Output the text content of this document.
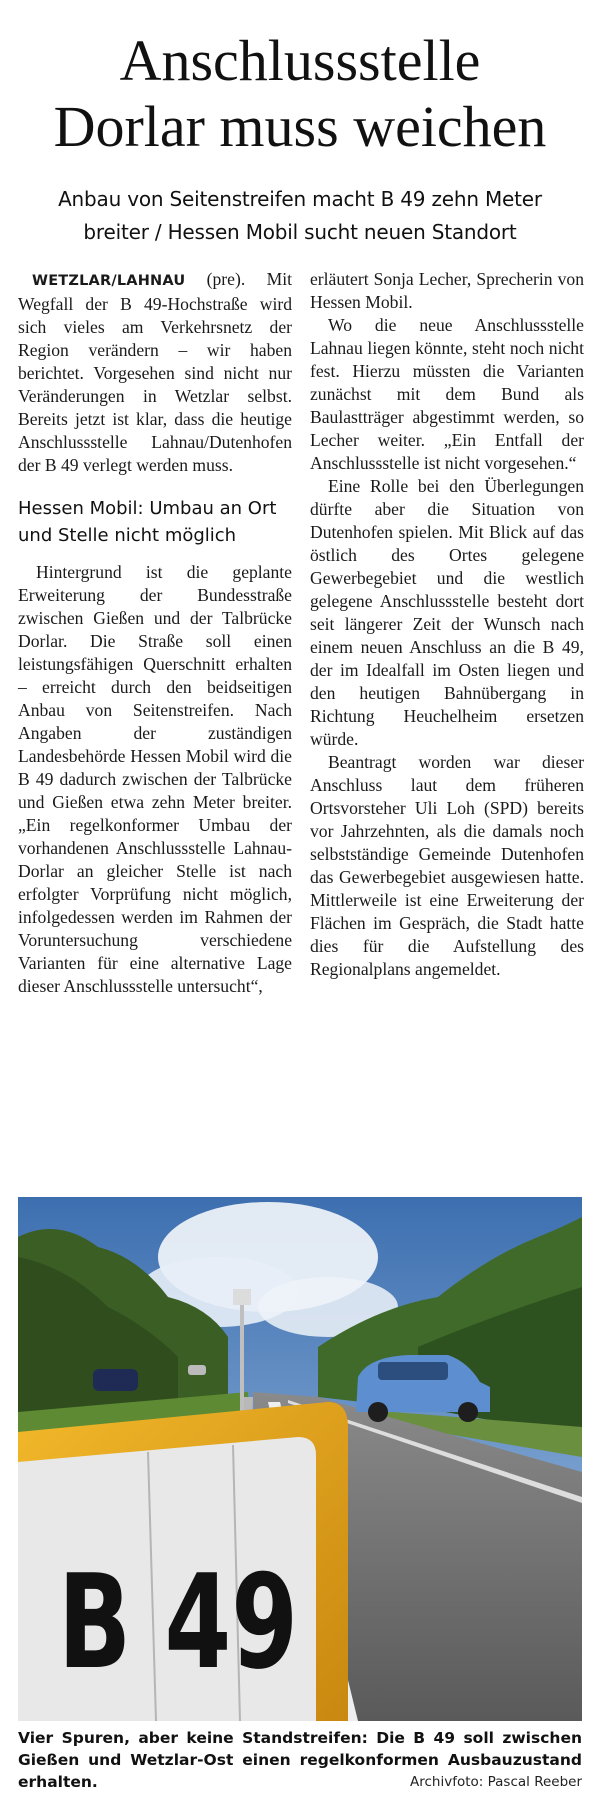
Anschlussstelle
Dorlar muss weichen
Anbau von Seitenstreifen macht B 49 zehn Meter
breiter / Hessen Mobil sucht neuen Standort

WETZLAR/LAHNAU (pre). Mit Wegfall der B 49-Hochstraße wird sich vieles am Verkehrsnetz der Region verändern – wir haben berichtet. Vorgesehen sind nicht nur Veränderungen in Wetzlar selbst. Bereits jetzt ist klar, dass die heutige Anschlussstelle Lahnau/Dutenhofen der B 49 verlegt werden muss.

Hessen Mobil: Umbau an Ort und Stelle nicht möglich

Hintergrund ist die geplante Erweiterung der Bundesstraße zwischen Gießen und der Talbrücke Dorlar. Die Straße soll einen leistungsfähigen Querschnitt erhalten – erreicht durch den beidseitigen Anbau von Seitenstreifen. Nach Angaben der zuständigen Landesbehörde Hessen Mobil wird die B 49 dadurch zwischen der Talbrücke und Gießen etwa zehn Meter breiter. „Ein regelkonformer Umbau der vorhandenen Anschlussstelle Lahnau-Dorlar an gleicher Stelle ist nach erfolgter Vorprüfung nicht möglich, infolgedessen werden im Rahmen der Voruntersuchung verschiedene Varianten für eine alternative Lage dieser Anschlussstelle untersucht“,

erläutert Sonja Lecher, Sprecherin von Hessen Mobil.

Wo die neue Anschlussstelle Lahnau liegen könnte, steht noch nicht fest. Hierzu müssten die Varianten zunächst mit dem Bund als Baulastträger abgestimmt werden, so Lecher weiter. „Ein Entfall der Anschlussstelle ist nicht vorgesehen.“

Eine Rolle bei den Überlegungen dürfte aber die Situation von Dutenhofen spielen. Mit Blick auf das östlich des Ortes gelegene Gewerbegebiet und die westlich gelegene Anschlussstelle besteht dort seit längerer Zeit der Wunsch nach einem neuen Anschluss an die B 49, der im Idealfall im Osten liegen und den heutigen Bahnübergang in Richtung Heuchelheim ersetzen würde.

Beantragt worden war dieser Anschluss laut dem früheren Ortsvorsteher Uli Loh (SPD) bereits vor Jahrzehnten, als die damals noch selbstständige Gemeinde Dutenhofen das Gewerbegebiet ausgewiesen hatte. Mittlerweile ist eine Erweiterung der Flächen im Gespräch, die Stadt hatte dies für die Aufstellung des Regionalplans angemeldet.

B 49
Vier Spuren, aber keine Standstreifen: Die B 49 soll zwischen Gießen und Wetzlar-Ost einen regelkonformen Ausbauzustand erhalten.	Archivfoto: Pascal Reeber
